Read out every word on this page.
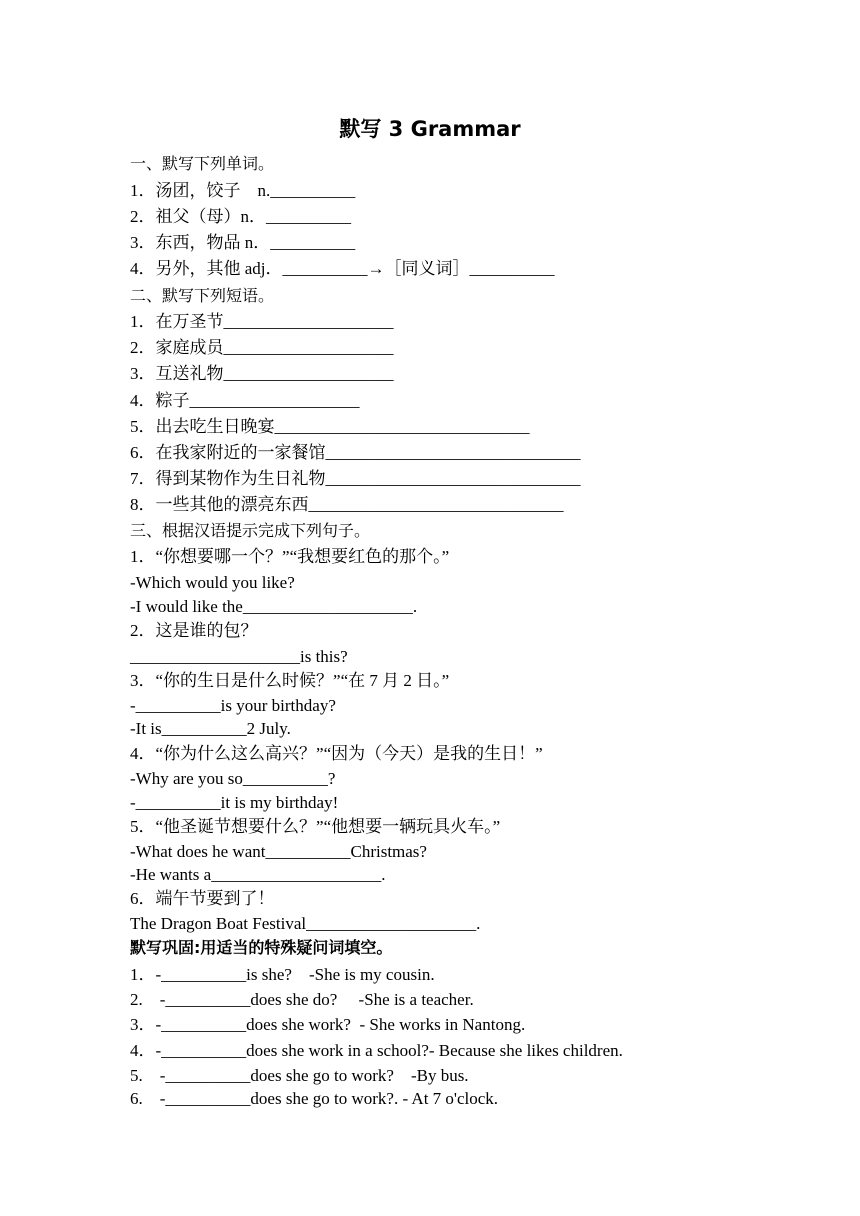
默写 3 Grammar
一、默写下列单词。
1．汤团，饺子　n.__________
2．祖父（母）n．__________
3．东西，物品 n．__________
4．另外，其他 adj．__________→［同义词］__________
二、默写下列短语。
1．在万圣节____________________
2．家庭成员____________________
3．互送礼物____________________
4．粽子____________________
5．出去吃生日晚宴______________________________
6．在我家附近的一家餐馆______________________________
7．得到某物作为生日礼物______________________________
8．一些其他的漂亮东西______________________________
三、根据汉语提示完成下列句子。
1．“你想要哪一个？”“我想要红色的那个。”
-Which would you like?
-I would like the____________________.
2．这是谁的包？
____________________is this?
3．“你的生日是什么时候？”“在 7 月 2 日。”
-__________is your birthday?
-It is__________2 July.
4．“你为什么这么高兴？”“因为（今天）是我的生日！”
-Why are you so__________?
-__________it is my birthday!
5．“他圣诞节想要什么？”“他想要一辆玩具火车。”
-What does he want__________Christmas?
-He wants a____________________.
6．端午节要到了！
The Dragon Boat Festival____________________.
默写巩固:用适当的特殊疑问词填空。
1．-__________is she?　-She is my cousin.
2.　-__________does she do?　 -She is a teacher.
3．-__________does she work?  - She works in Nantong.
4．-__________does she work in a school?- Because she likes children.
5.　-__________does she go to work?　-By bus.
6.　-__________does she go to work?. - At 7 o'clock.
